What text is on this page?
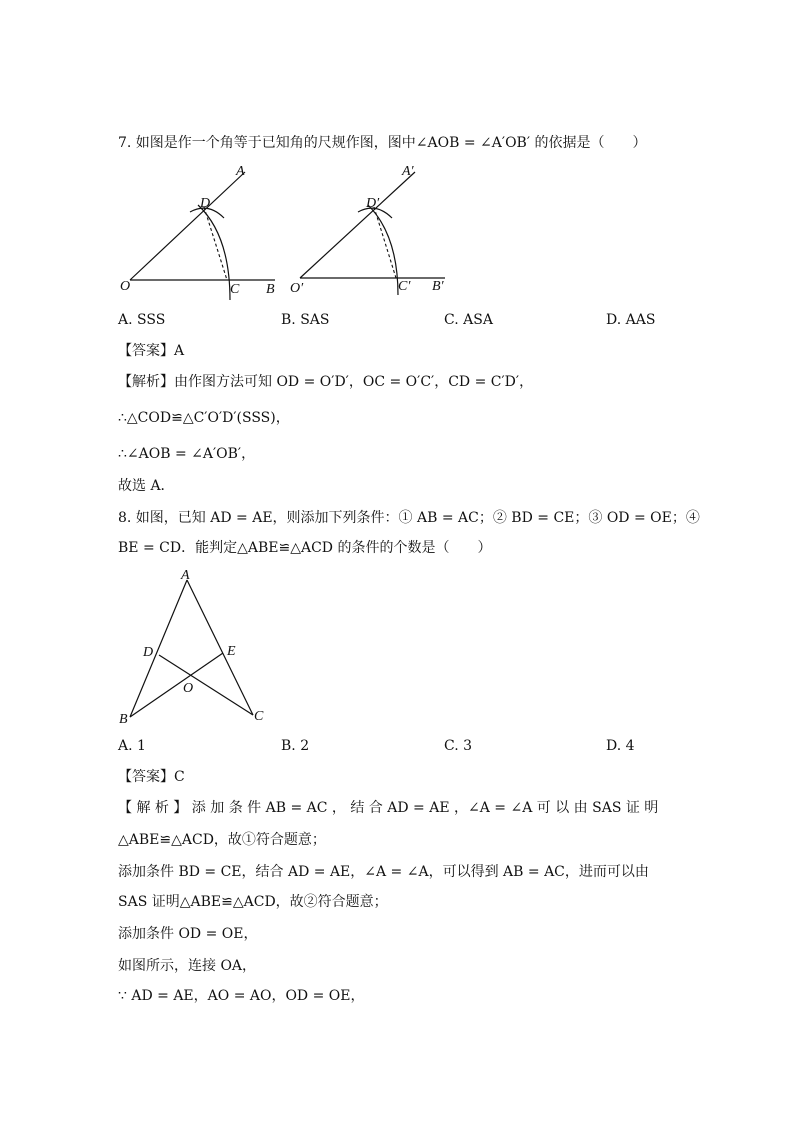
7. 如图是作一个角等于已知角的尺规作图，图中∠AOB = ∠A′OB′ 的依据是（　　）
A
D
O	C B
A′
D′
O′	C′ B′
A. SSS	B. SAS	C. ASA	D. AAS
【答案】A
【解析】由作图方法可知 OD = O′D′，OC = O′C′，CD = C′D′，
∴△COD≌△C′O′D′(SSS)，
∴∠AOB = ∠A′OB′，
故选 A．
8. 如图，已知 AD = AE，则添加下列条件：① AB = AC；② BD = CE；③ OD = OE；④
BE = CD．能判定△ABE≌△ACD 的条件的个数是（　　）
A
D	E
O
B	C
A. 1	B. 2	C. 3	D. 4
【答案】C
【 解 析 】 添 加 条 件 AB = AC ， 结 合 AD = AE ，∠A = ∠A 可 以 由 SAS 证 明
△ABE≌△ACD，故①符合题意；
添加条件 BD = CE，结合 AD = AE，∠A = ∠A，可以得到 AB = AC，进而可以由
SAS 证明△ABE≌△ACD，故②符合题意；
添加条件 OD = OE，
如图所示，连接 OA，
∵ AD = AE，AO = AO，OD = OE，
